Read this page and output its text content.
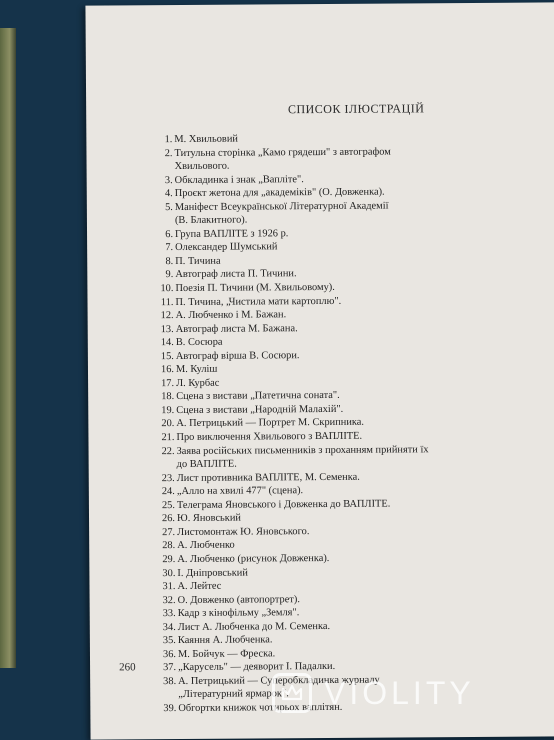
СПИСОК ІЛЮСТРАЦІЙ
1. М. Хвильовий
2. Титульна сторінка „Камо грядеши" з автографом
Хвильового.
3. Обкладинка і знак „Вапліте".
4. Проєкт жетона для „академіків" (О. Довженка).
5. Маніфест Всеукраїнської Літературної Академії
(В. Блакитного).
6. Група ВАПЛІТЕ з 1926 р.
7. Олександер Шумський
8. П. Тичина
9. Автограф листа П. Тичини.
10. Поезія П. Тичини (М. Хвильовому).
11. П. Тичина, „Чистила мати картоплю".
12. А. Любченко і М. Бажан.
13. Автограф листа М. Бажана.
14. В. Сосюра
15. Автограф вірша В. Сосюри.
16. М. Куліш
17. Л. Курбас
18. Сцена з вистави „Патетична соната".
19. Сцена з вистави „Народній Малахій".
20. А. Петрицький — Портрет М. Скрипника.
21. Про виключення Хвильового з ВАПЛІТЕ.
22. Заява російських письменників з проханням прийняти їх
до ВАПЛІТЕ.
23. Лист противника ВАПЛІТЕ, М. Семенка.
24. „Алло на хвилі 477" (сцена).
25. Телеграма Яновського і Довженка до ВАПЛІТЕ.
26. Ю. Яновський
27. Листомонтаж Ю. Яновського.
28. А. Любченко
29. А. Любченко (рисунок Довженка).
30. І. Дніпровський
31. А. Лейтес
32. О. Довженко (автопортрет).
33. Кадр з кінофільму „Земля".
34. Лист А. Любченка до М. Семенка.
35. Каяння А. Любченка.
36. М. Бойчук — Фреска.
37. „Карусель" — деяворит І. Падалки.
38. А. Петрицький — Суперобкладинка журналу
„Літературний ярмарок".
39. Обгортки книжок чотирьох ваплітян.
260
VIOLITY
